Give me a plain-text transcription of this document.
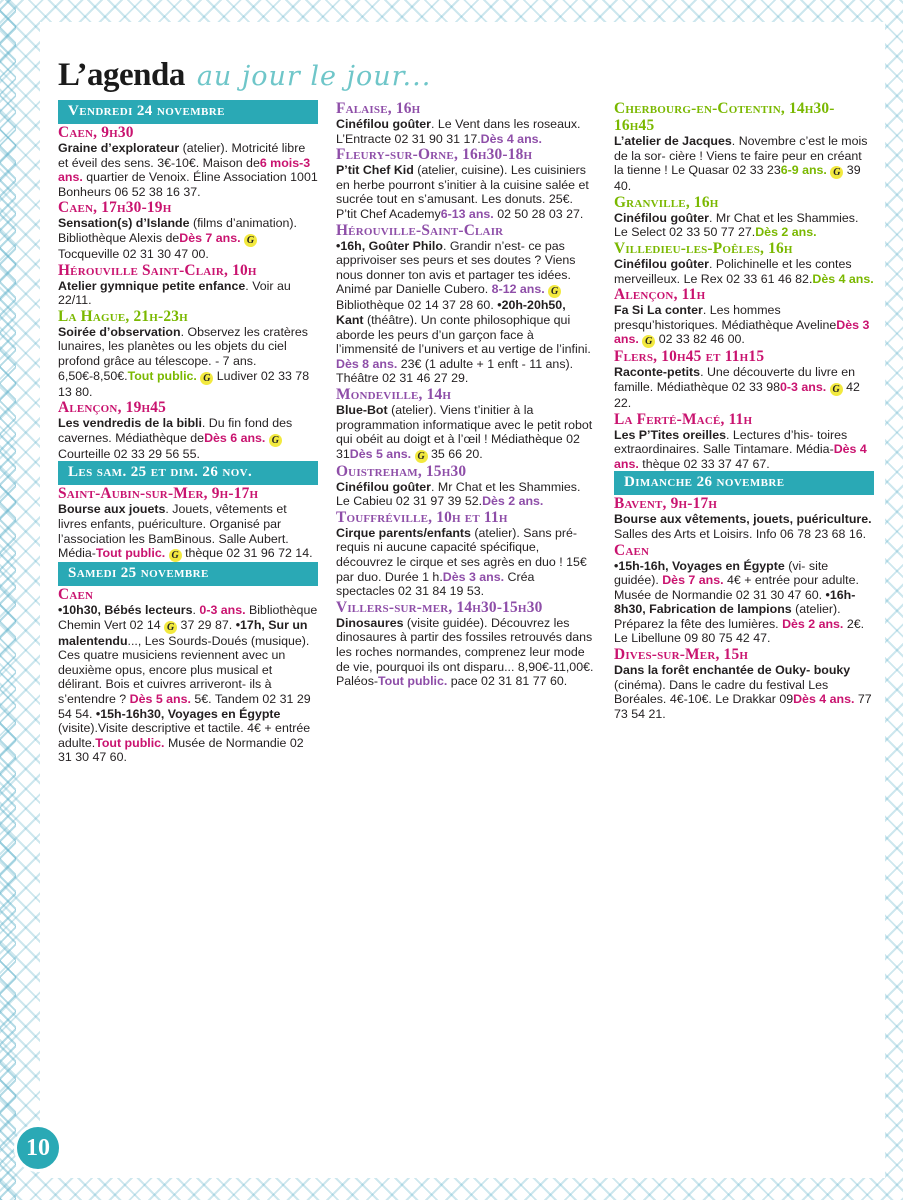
L’agenda au jour le jour...
Vendredi 24 novembre
Caen, 9h30
Graine d’explorateur (atelier). Motricité libre et éveil des sens. 3€-10€. Maison de6 mois-3 ans. quartier de Venoix. Éline Association 1001 Bonheurs 06 52 38 16 37.
Caen, 17h30-19h
Sensation(s) d’Islande (films d’animation). Bibliothèque Alexis deDès 7 ans. G Tocqueville 02 31 30 47 00.
Hérouville Saint-Clair, 10h
Atelier gymnique petite enfance. Voir au 22/11.
La Hague, 21h-23h
Soirée d’observation. Observez les cratères lunaires, les planètes ou les objets du ciel profond grâce au télescope. - 7 ans. 6,50€-8,50€.Tout public. G Ludiver 02 33 78 13 80.
Alençon, 19h45
Les vendredis de la bibli. Du fin fond des cavernes. Médiathèque deDès 6 ans. G Courteille 02 33 29 56 55.
Les sam. 25 et dim. 26 nov.
Saint-Aubin-sur-Mer, 9h-17h
Bourse aux jouets. Jouets, vêtements et livres enfants, puériculture. Organisé par l’association les BamBinous. Salle Aubert. Média-Tout public. G thèque 02 31 96 72 14.
Samedi 25 novembre
Caen
•10h30, Bébés lecteurs. 0-3 ans. Bibliothèque Chemin Vert 02 14 G 37 29 87. •17h, Sur un malentendu..., Les Sourds-Doués (musique). Ces quatre musiciens reviennent avec un deuxième opus, encore plus musical et délirant. Bois et cuivres arriveront- ils à s’entendre ? Dès 5 ans. 5€. Tandem 02 31 29 54 54. •15h-16h30, Voyages en Égypte (visite).Visite descriptive et tactile. 4€ + entrée adulte.Tout public. Musée de Normandie 02 31 30 47 60.
Falaise, 16h
Cinéfilou goûter. Le Vent dans les roseaux. L’Entracte 02 31 90 31 17.Dès 4 ans.
Fleury-sur-Orne, 16h30-18h
P’tit Chef Kid (atelier, cuisine). Les cuisiniers en herbe pourront s’initier à la cuisine salée et sucrée tout en s’amusant. Les donuts. 25€. P’tit Chef Academy6-13 ans. 02 50 28 03 27.
Hérouville-Saint-Clair
•16h, Goûter Philo. Grandir n’est- ce pas apprivoiser ses peurs et ses doutes ? Viens nous donner ton avis et partager tes idées. Animé par Danielle Cubero. 8-12 ans. G Bibliothèque 02 14 37 28 60. •20h-20h50, Kant (théâtre). Un conte philosophique qui aborde les peurs d’un garçon face à l’immensité de l’univers et au vertige de l’infini. Dès 8 ans. 23€ (1 adulte + 1 enft - 11 ans). Théâtre 02 31 46 27 29.
Mondeville, 14h
Blue-Bot (atelier). Viens t’initier à la programmation informatique avec le petit robot qui obéit au doigt et à l’œil ! Médiathèque 02 31Dès 5 ans. G 35 66 20.
Ouistreham, 15h30
Cinéfilou goûter. Mr Chat et les Shammies. Le Cabieu 02 31 97 39 52.Dès 2 ans.
Touffréville, 10h et 11h
Cirque parents/enfants (atelier). Sans pré-requis ni aucune capacité spécifique, découvrez le cirque et ses agrès en duo ! 15€ par duo. Durée 1 h.Dès 3 ans. Créa spectacles 02 31 84 19 53.
Villers-sur-mer, 14h30-15h30
Dinosaures (visite guidée). Découvrez les dinosaures à partir des fossiles retrouvés dans les roches normandes, comprenez leur mode de vie, pourquoi ils ont disparu... 8,90€-11,00€. Paléos-Tout public. pace 02 31 81 77 60.
Cherbourg-en-Cotentin, 14h30-16h45
L’atelier de Jacques. Novembre c’est le mois de la sor- cière ! Viens te faire peur en créant la tienne ! Le Quasar 02 33 236-9 ans. G 39 40.
Granville, 16h
Cinéfilou goûter. Mr Chat et les Shammies. Le Select 02 33 50 77 27.Dès 2 ans.
Villedieu-les-Poêles, 16h
Cinéfilou goûter. Polichinelle et les contes merveilleux. Le Rex 02 33 61 46 82.Dès 4 ans.
Alençon, 11h
Fa Si La conter. Les hommes presqu’historiques. Médiathèque AvelineDès 3 ans. G 02 33 82 46 00.
Flers, 10h45 et 11h15
Raconte-petits. Une découverte du livre en famille. Médiathèque 02 33 980-3 ans. G 42 22.
La Ferté-Macé, 11h
Les P’Tites oreilles. Lectures d’his- toires extraordinaires. Salle Tintamare. Média-Dès 4 ans. thèque 02 33 37 47 67.
Dimanche 26 novembre
Bavent, 9h-17h
Bourse aux vêtements, jouets, puériculture. Salles des Arts et Loisirs. Info 06 78 23 68 16.
Caen
•15h-16h, Voyages en Égypte (vi- site guidée). Dès 7 ans. 4€ + entrée pour adulte. Musée de Normandie 02 31 30 47 60. •16h-8h30, Fabrication de lampions (atelier). Préparez la fête des lumières. Dès 2 ans. 2€. Le Libellune 09 80 75 42 47.
Dives-sur-Mer, 15h
Dans la forêt enchantée de Ouky- bouky (cinéma). Dans le cadre du festival Les Boréales. 4€-10€. Le Drakkar 09Dès 4 ans. 77 73 54 21.
10
